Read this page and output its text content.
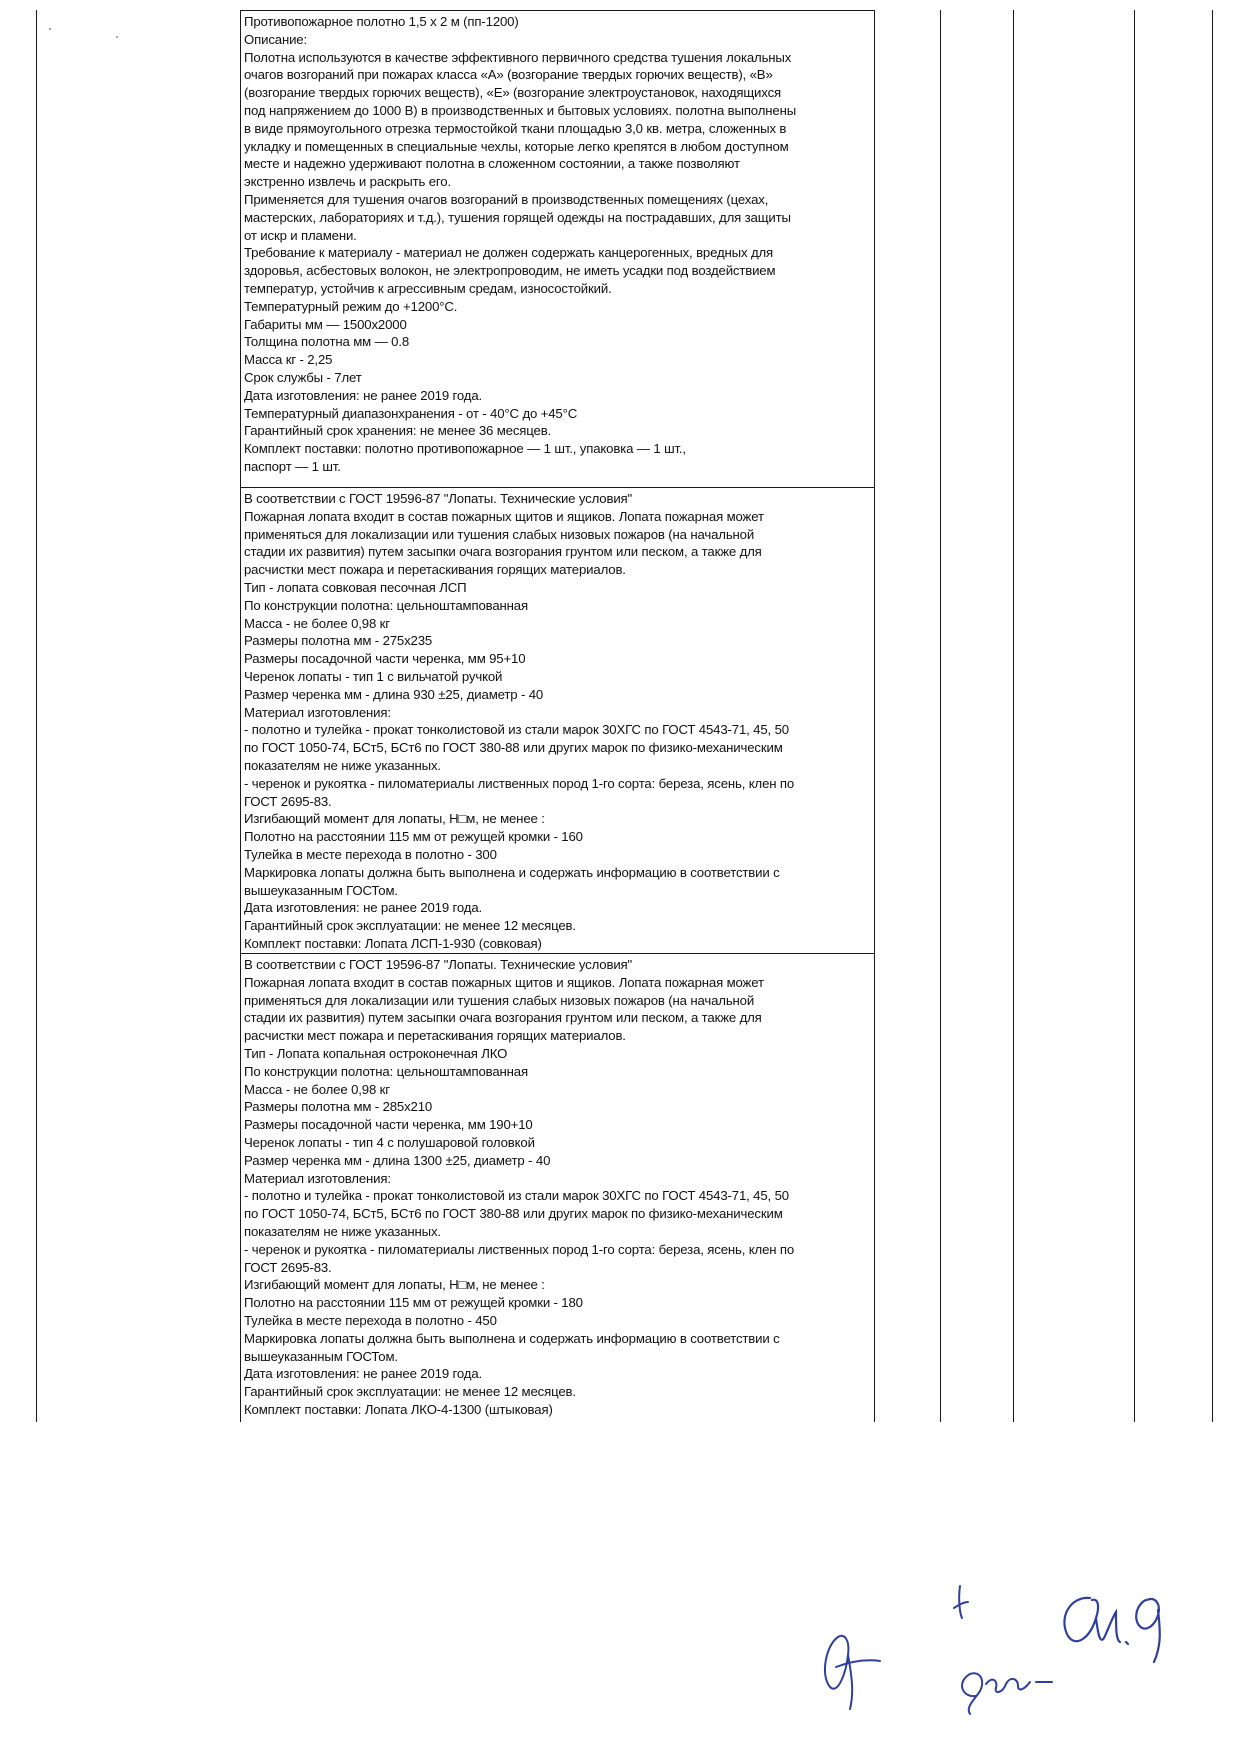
Противопожарное полотно 1,5 х 2 м (пп-1200)

Описание:

Полотна используются в качестве эффективного первичного средства тушения локальных

очагов возгораний при пожарах класса «А» (возгорание твердых горючих веществ), «В»

(возгорание твердых горючих веществ), «Е» (возгорание электроустановок, находящихся

под напряжением до 1000 В) в производственных и бытовых условиях. полотна выполнены

в виде прямоугольного отрезка термостойкой ткани площадью 3,0 кв. метра, сложенных в

укладку и помещенных в специальные чехлы, которые легко крепятся в любом доступном

месте и надежно удерживают полотна в сложенном состоянии, а также позволяют

экстренно извлечь и раскрыть его.

Применяется для тушения очагов возгораний в производственных помещениях (цехах,

мастерских, лабораториях и т.д.), тушения горящей одежды на пострадавших, для защиты

от искр и пламени.

Требование к материалу - материал не должен содержать канцерогенных, вредных для

здоровья, асбестовых волокон, не электропроводим, не иметь усадки под воздействием

температур, устойчив к агрессивным средам, износостойкий.

Температурный режим до +1200°С.

Габариты мм — 1500х2000

Толщина полотна мм — 0.8

Масса кг - 2,25

Срок службы - 7лет

Дата изготовления: не ранее 2019 года.

Температурный диапазонхранения - от - 40°С до +45°С

Гарантийный срок хранения: не менее 36 месяцев.

Комплект поставки: полотно противопожарное — 1 шт., упаковка — 1 шт.,

паспорт — 1 шт.

В соответствии с ГОСТ 19596-87 "Лопаты. Технические условия"

Пожарная лопата входит в состав пожарных щитов и ящиков. Лопата пожарная может

применяться для локализации или тушения слабых низовых пожаров (на начальной

стадии их развития) путем засыпки очага возгорания грунтом или песком, а также для

расчистки мест пожара и перетаскивания горящих материалов.

Тип - лопата совковая песочная ЛСП

По конструкции полотна: цельноштампованная

Масса - не более 0,98 кг

Размеры полотна мм - 275х235

Размеры посадочной части черенка, мм 95+10

Черенок лопаты - тип 1 с вильчатой ручкой

Размер черенка мм - длина 930 ±25, диаметр - 40

Материал изготовления:

- полотно и тулейка - прокат тонколистовой из стали марок 30ХГС по ГОСТ 4543-71, 45, 50

по ГОСТ 1050-74, БСт5, БСт6 по ГОСТ 380-88 или других марок по физико-механическим

показателям не ниже указанных.

- черенок и рукоятка - пиломатериалы лиственных пород 1-го сорта: береза, ясень, клен по

ГОСТ 2695-83.

Изгибающий момент для лопаты, Н□м, не менее :

Полотно на расстоянии 115 мм от режущей кромки - 160

Тулейка в месте перехода в полотно - 300

Маркировка лопаты должна быть выполнена и содержать информацию в соответствии с

вышеуказанным ГОСТом.

Дата изготовления: не ранее 2019 года.

Гарантийный срок эксплуатации: не менее 12 месяцев.

Комплект поставки: Лопата ЛСП-1-930 (совковая)

В соответствии с ГОСТ 19596-87 "Лопаты. Технические условия"

Пожарная лопата входит в состав пожарных щитов и ящиков. Лопата пожарная может

применяться для локализации или тушения слабых низовых пожаров (на начальной

стадии их развития) путем засыпки очага возгорания грунтом или песком, а также для

расчистки мест пожара и перетаскивания горящих материалов.

Тип - Лопата копальная остроконечная ЛКО

По конструкции полотна: цельноштампованная

Масса - не более 0,98 кг

Размеры полотна мм - 285х210

Размеры посадочной части черенка, мм 190+10

Черенок лопаты - тип 4 с полушаровой головкой

Размер черенка мм - длина 1300 ±25, диаметр - 40

Материал изготовления:

- полотно и тулейка - прокат тонколистовой из стали марок 30ХГС по ГОСТ 4543-71, 45, 50

по ГОСТ 1050-74, БСт5, БСт6 по ГОСТ 380-88 или других марок по физико-механическим

показателям не ниже указанных.

- черенок и рукоятка - пиломатериалы лиственных пород 1-го сорта: береза, ясень, клен по

ГОСТ 2695-83.

Изгибающий момент для лопаты, Н□м, не менее :

Полотно на расстоянии 115 мм от режущей кромки - 180

Тулейка в месте перехода в полотно - 450

Маркировка лопаты должна быть выполнена и содержать информацию в соответствии с

вышеуказанным ГОСТом.

Дата изготовления: не ранее 2019 года.

Гарантийный срок эксплуатации: не менее 12 месяцев.

Комплект поставки: Лопата ЛКО-4-1300 (штыковая)
